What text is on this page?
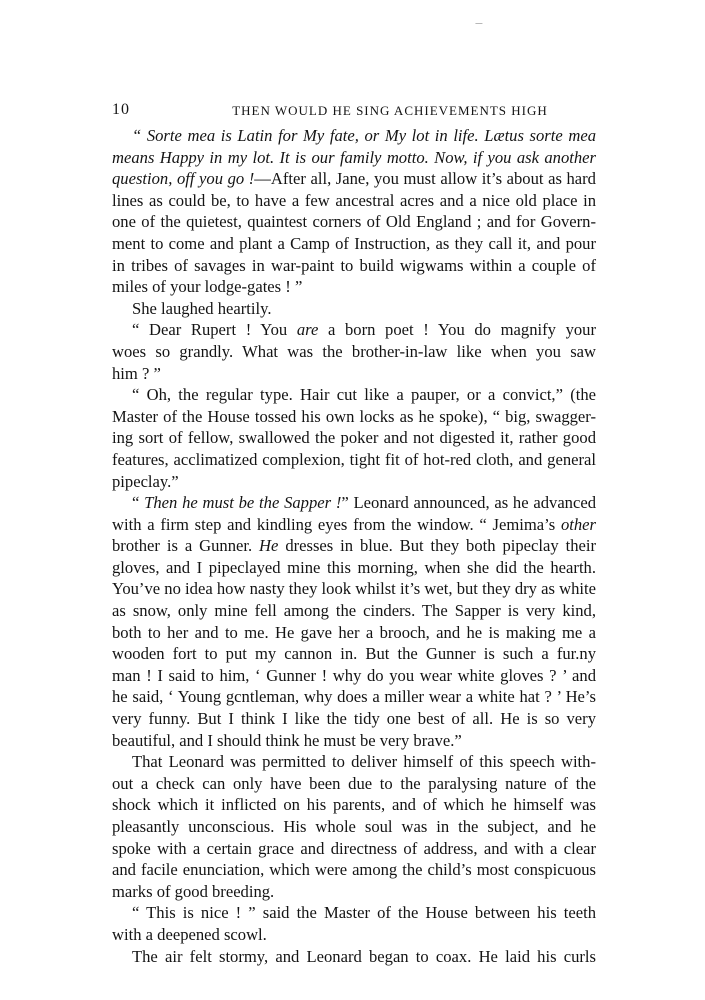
10	THEN WOULD HE SING ACHIEVEMENTS HIGH
“ Sorte mea is Latin for My fate, or My lot in life. Lætus sorte mea
means Happy in my lot. It is our family motto. Now, if you ask another
question, off you go !—After all, Jane, you must allow it’s about as hard
lines as could be, to have a few ancestral acres and a nice old place in
one of the quietest, quaintest corners of Old England ; and for Govern-
ment to come and plant a Camp of Instruction, as they call it, and pour
in tribes of savages in war-paint to build wigwams within a couple of
miles of your lodge-gates ! ”
She laughed heartily.
“ Dear Rupert ! You are a born poet ! You do magnify your
woes so grandly. What was the brother-in-law like when you saw
him ? ”
“ Oh, the regular type. Hair cut like a pauper, or a convict,” (the
Master of the House tossed his own locks as he spoke), “ big, swagger-
ing sort of fellow, swallowed the poker and not digested it, rather good
features, acclimatized complexion, tight fit of hot-red cloth, and general
pipeclay.”
“ Then he must be the Sapper !” Leonard announced, as he advanced
with a firm step and kindling eyes from the window. “ Jemima’s other
brother is a Gunner. He dresses in blue. But they both pipeclay their
gloves, and I pipeclayed mine this morning, when she did the hearth.
You’ve no idea how nasty they look whilst it’s wet, but they dry as white
as snow, only mine fell among the cinders. The Sapper is very kind,
both to her and to me. He gave her a brooch, and he is making me a
wooden fort to put my cannon in. But the Gunner is such a fur.ny
man ! I said to him, ‘ Gunner ! why do you wear white gloves ? ’ and
he said, ‘ Young gcntleman, why does a miller wear a white hat ? ’ He’s
very funny. But I think I like the tidy one best of all. He is so very
beautiful, and I should think he must be very brave.”
That Leonard was permitted to deliver himself of this speech with-
out a check can only have been due to the paralysing nature of the
shock which it inflicted on his parents, and of which he himself was
pleasantly unconscious. His whole soul was in the subject, and he
spoke with a certain grace and directness of address, and with a clear
and facile enunciation, which were among the child’s most conspicuous
marks of good breeding.
“ This is nice ! ” said the Master of the House between his teeth
with a deepened scowl.
The air felt stormy, and Leonard began to coax. He laid his curls
